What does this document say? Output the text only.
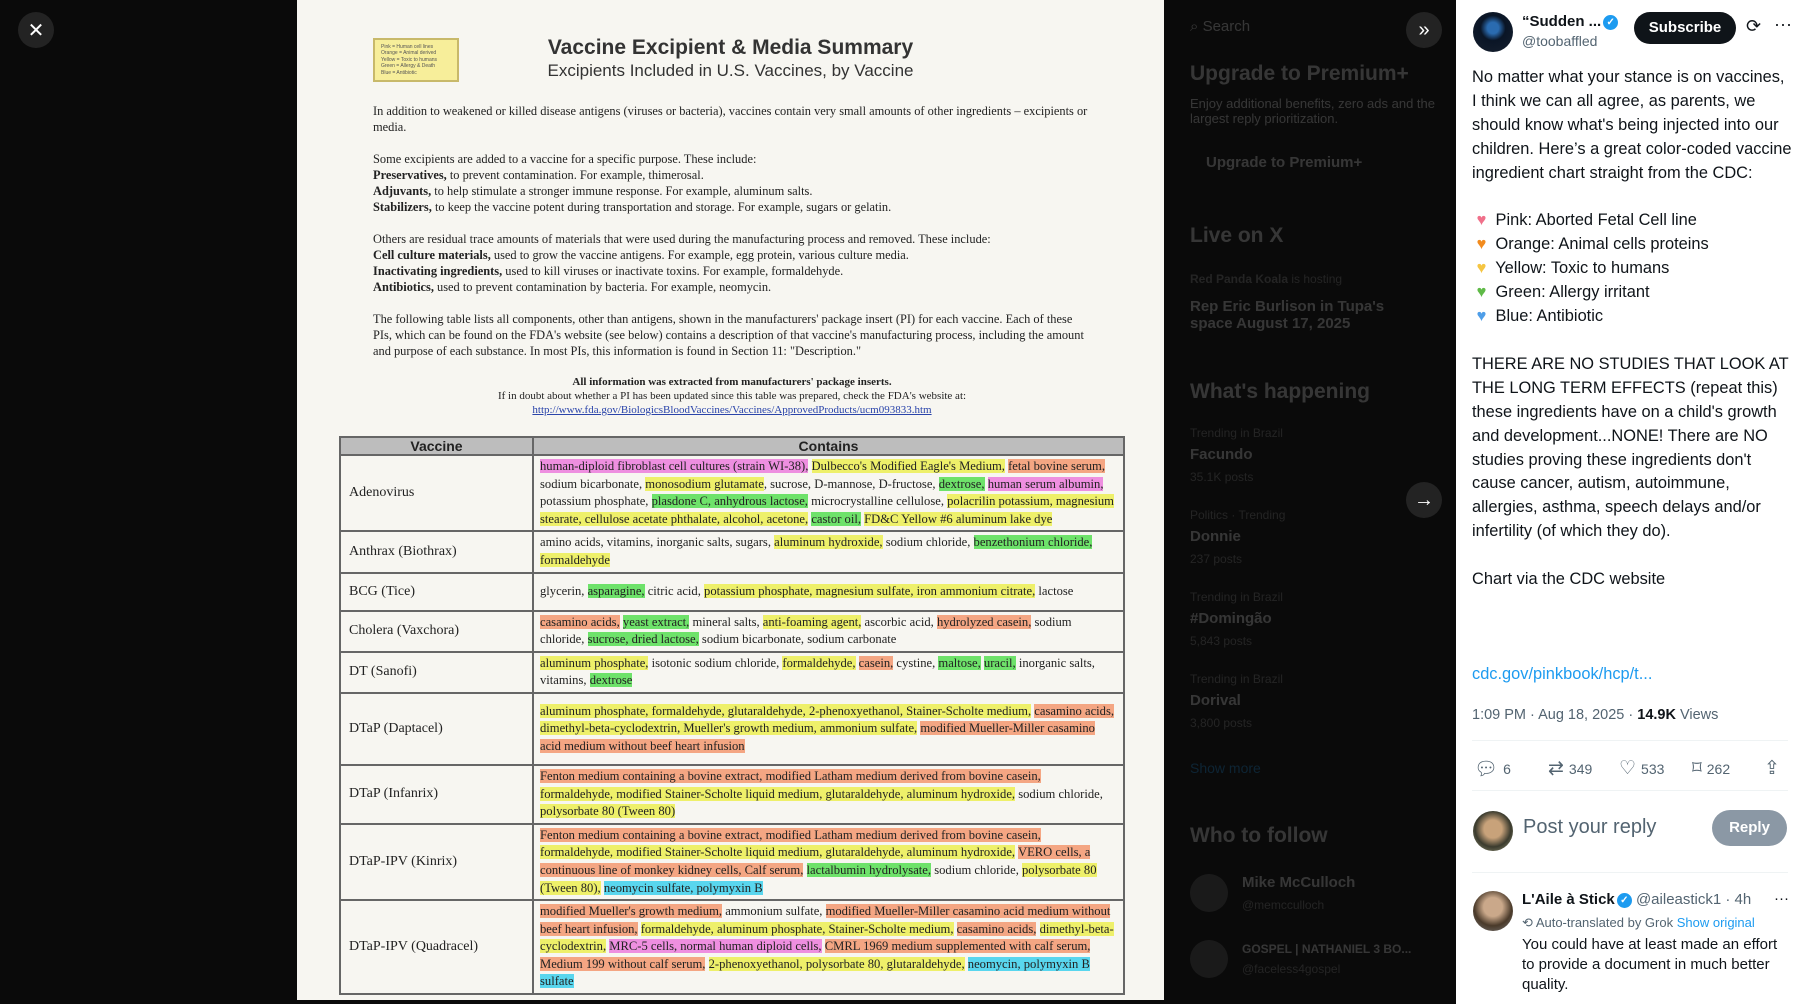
⌕ Search
Upgrade to Premium+
Enjoy additional benefits, zero ads and the largest reply prioritization.
Upgrade to Premium+
Live on X
Red Panda Koala is hosting
Rep Eric Burlison in Tupa's space August 17, 2025
What's happening
Trending in Brazil
Facundo
35.1K posts
Politics · Trending
Donnie
237 posts
Trending in Brazil
#Domingão
5,843 posts
Trending in Brazil
Dorival
3,800 posts
Show more
Who to follow
Mike McCulloch
@memcculloch
GOSPEL | NATHANIEL 3 BO...
@faceless4gospel
Pink = Human cell lines
Orange = Animal derived
Yellow = Toxic to humans
Green = Allergy & Death
Blue = Antibiotic
Vaccine Excipient & Media Summary
Excipients Included in U.S. Vaccines, by Vaccine
In addition to weakened or killed disease antigens (viruses or bacteria), vaccines contain very small amounts of other ingredients – excipients or media.
Some excipients are added to a vaccine for a specific purpose. These include:
Preservatives, to prevent contamination. For example, thimerosal.
Adjuvants, to help stimulate a stronger immune response. For example, aluminum salts.
Stabilizers, to keep the vaccine potent during transportation and storage. For example, sugars or gelatin.
Others are residual trace amounts of materials that were used during the manufacturing process and removed. These include:
Cell culture materials, used to grow the vaccine antigens. For example, egg protein, various culture media.
Inactivating ingredients, used to kill viruses or inactivate toxins. For example, formaldehyde.
Antibiotics, used to prevent contamination by bacteria. For example, neomycin.
The following table lists all components, other than antigens, shown in the manufacturers' package insert (PI) for each vaccine. Each of these PIs, which can be found on the FDA's website (see below) contains a description of that vaccine's manufacturing process, including the amount and purpose of each substance. In most PIs, this information is found in Section 11: "Description."
All information was extracted from manufacturers' package inserts.
If in doubt about whether a PI has been updated since this table was prepared, check the FDA's website at:
http://www.fda.gov/BiologicsBloodVaccines/Vaccines/ApprovedProducts/ucm093833.htm
Vaccine	Contains
Adenovirus	human-diploid fibroblast cell cultures (strain WI-38), Dulbecco's Modified Eagle's Medium, fetal bovine serum, sodium bicarbonate, monosodium glutamate, sucrose, D-mannose, D-fructose, dextrose, human serum albumin, potassium phosphate, plasdone C, anhydrous lactose, microcrystalline cellulose, polacrilin potassium, magnesium stearate, cellulose acetate phthalate, alcohol, acetone, castor oil, FD&C Yellow #6 aluminum lake dye
Anthrax (Biothrax)	amino acids, vitamins, inorganic salts, sugars, aluminum hydroxide, sodium chloride, benzethonium chloride, formaldehyde
BCG (Tice)	glycerin, asparagine, citric acid, potassium phosphate, magnesium sulfate, iron ammonium citrate, lactose
Cholera (Vaxchora)	casamino acids, yeast extract, mineral salts, anti-foaming agent, ascorbic acid, hydrolyzed casein, sodium chloride, sucrose, dried lactose, sodium bicarbonate, sodium carbonate
DT (Sanofi)	aluminum phosphate, isotonic sodium chloride, formaldehyde, casein, cystine, maltose, uracil, inorganic salts, vitamins, dextrose
DTaP (Daptacel)	aluminum phosphate, formaldehyde, glutaraldehyde, 2-phenoxyethanol, Stainer-Scholte medium, casamino acids, dimethyl-beta-cyclodextrin, Mueller's growth medium, ammonium sulfate, modified Mueller-Miller casamino acid medium without beef heart infusion
DTaP (Infanrix)	Fenton medium containing a bovine extract, modified Latham medium derived from bovine casein, formaldehyde, modified Stainer-Scholte liquid medium, glutaraldehyde, aluminum hydroxide, sodium chloride, polysorbate 80 (Tween 80)
DTaP-IPV (Kinrix)	Fenton medium containing a bovine extract, modified Latham medium derived from bovine casein, formaldehyde, modified Stainer-Scholte liquid medium, glutaraldehyde, aluminum hydroxide, VERO cells, a continuous line of monkey kidney cells, Calf serum, lactalbumin hydrolysate, sodium chloride, polysorbate 80 (Tween 80), neomycin sulfate, polymyxin B
DTaP-IPV (Quadracel)	modified Mueller's growth medium, ammonium sulfate, modified Mueller-Miller casamino acid medium without beef heart infusion, formaldehyde, aluminum phosphate, Stainer-Scholte medium, casamino acids, dimethyl-beta-cyclodextrin, MRC-5 cells, normal human diploid cells, CMRL 1969 medium supplemented with calf serum, Medium 199 without calf serum, 2-phenoxyethanol, polysorbate 80, glutaraldehyde, neomycin, polymyxin B sulfate
✕	»
→
“Sudden ... ✓
@toobaffled
Subscribe	⟳ ···
No matter what your stance is on vaccines, I think we can all agree, as parents, we should know what's being injected into our children. Here’s a great color-coded vaccine ingredient chart straight from the CDC:

♥ Pink: Aborted Fetal Cell line
♥ Orange: Animal cells proteins
♥ Yellow: Toxic to humans
♥ Green: Allergy irritant
♥ Blue: Antibiotic

THERE ARE NO STUDIES THAT LOOK AT THE LONG TERM EFFECTS (repeat this) these ingredients have on a child's growth and development...NONE! There are NO studies proving these ingredients don't cause cancer, autism, autoimmune, allergies, asthma, speech delays and/or infertility (of which they do).

Chart via the CDC website
cdc.gov/pinkbook/hcp/t...
1:09 PM · Aug 18, 2025 · 14.9K Views
💬︎ 6 ⇄ 349 ♡ 533 ⌑ 262 ⇪
Post your reply	Reply
L'Aile à Stick ✓ @aileastick1 · 4h ···
⟲ Auto-translated by Grok Show original
You could have at least made an effort to provide a document in much better quality.
